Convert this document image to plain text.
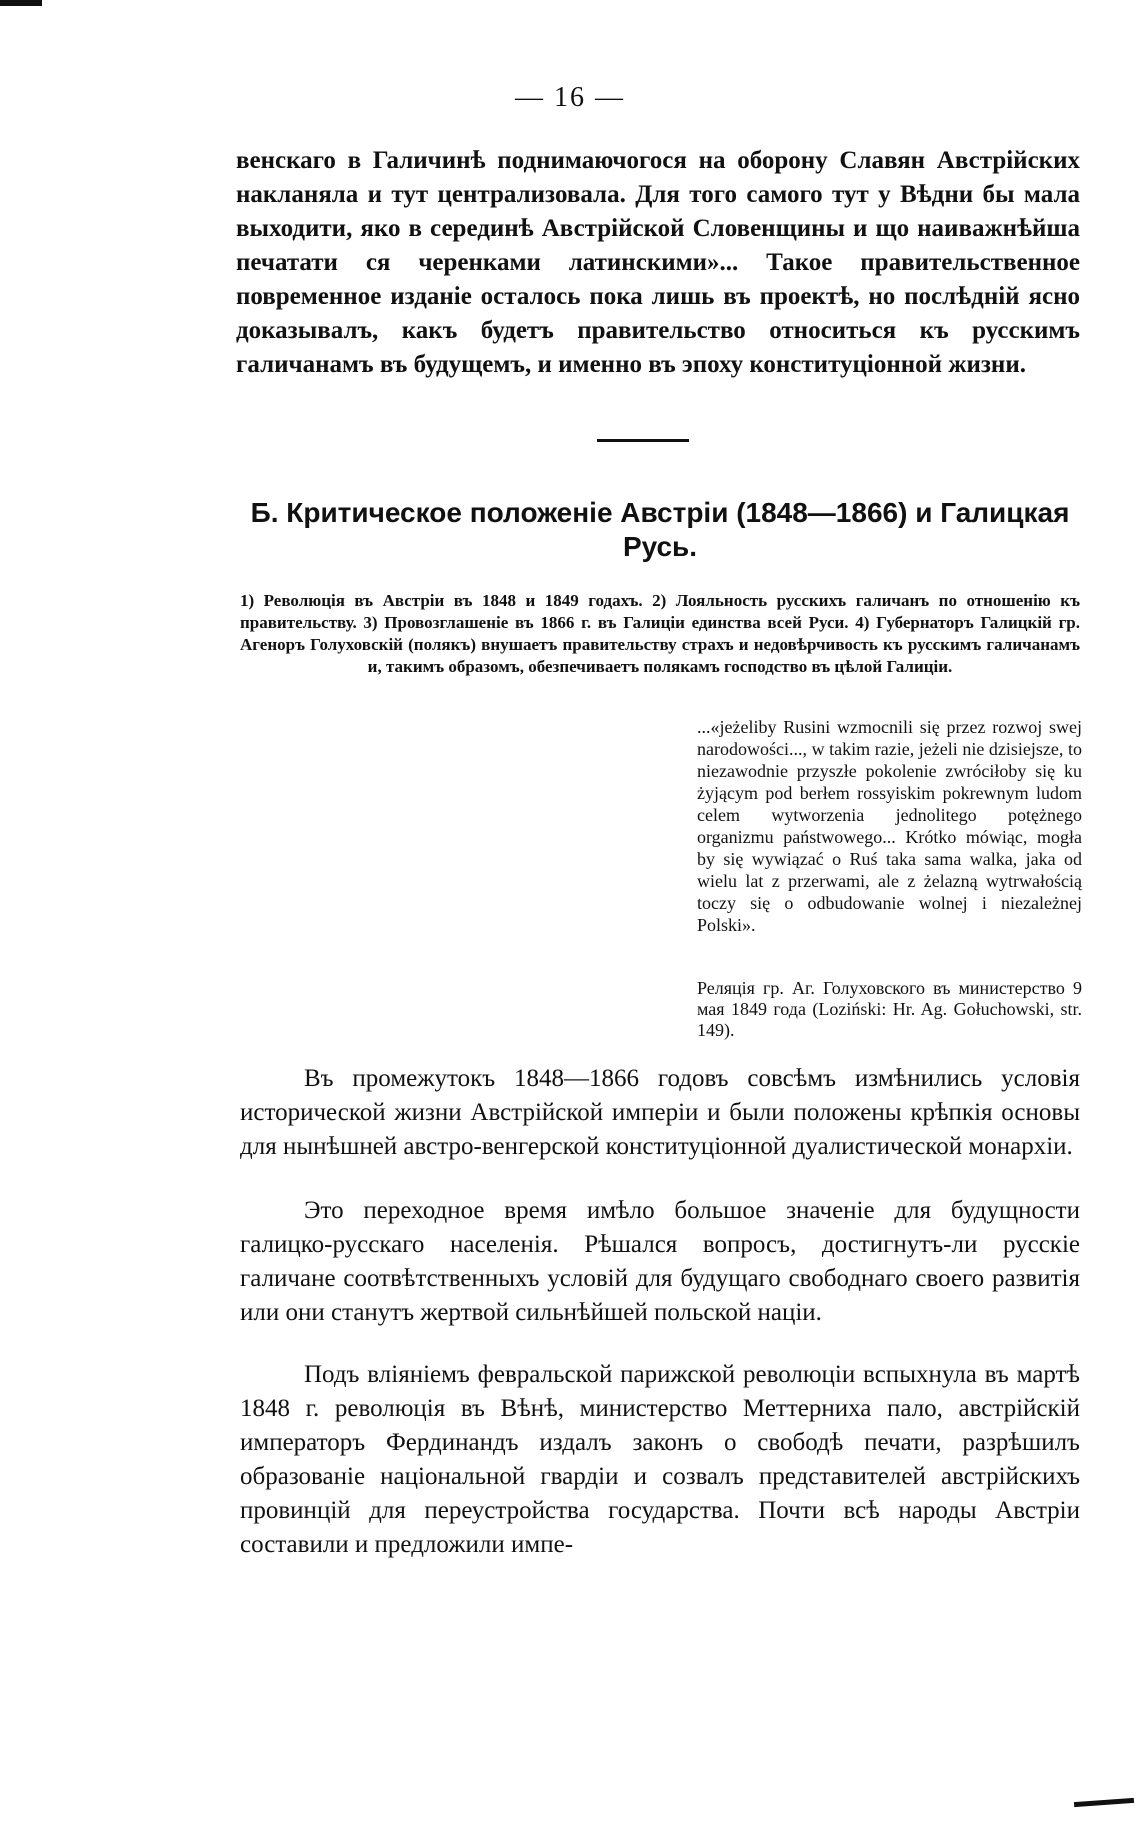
— 16 —

венскаго в Галичинѣ поднимаючогося на оборону Славян Австрійских накланяла и тут централизовала. Для того самого тут у Вѣдни бы мала выходити, яко в серединѣ Австрійской Словенщины и що наиважнѣйша печатати ся черенками латинскими»... Такое правительственное повременное изданіе осталось пока лишь въ проектѣ, но послѣдній ясно доказывалъ, какъ будетъ правительство относиться къ русскимъ галичанамъ въ будущемъ, и именно въ эпоху конституціонной жизни.

Б. Критическое положеніе Австріи (1848—1866) и Галицкая Русь.

1) Революція въ Австріи въ 1848 и 1849 годахъ. 2) Лояльность русскихъ галичанъ по отношенію къ правительству. 3) Провозглашеніе въ 1866 г. въ Галиціи единства всей Руси. 4) Губернаторъ Галицкій гр. Агеноръ Голуховскій (полякъ) внушаетъ правительству страхъ и недовѣрчивость къ русскимъ галичанамъ и, такимъ образомъ, обезпечиваетъ полякамъ господство въ цѣлой Галиціи.

...«jeżeliby Rusini wzmocnili się przez rozwoj swej narodowości..., w takim razie, jeżeli nie dzisiejsze, to niezawodnie przyszłe pokolenie zwróciłoby się ku żyjącym pod berłem rossyiskim pokrewnym ludom celem wytworzenia jednolitego potężnego organizmu państwowego... Krótko mówiąc, mogła by się wywiązać o Ruś taka sama walka, jaka od wielu lat z przerwami, ale z żelazną wytrwałością toczy się o odbudowanie wolnej i niezależnej Polski».

Реляція гр. Аг. Голуховского въ министерство 9 мая 1849 года (Loziński: Hr. Ag. Gołuchowski, str. 149).

Въ промежутокъ 1848—1866 годовъ совсѣмъ измѣнились условія исторической жизни Австрійской имперіи и были положены крѣпкія основы для нынѣшней австро-венгерской конституціонной дуалистической монархіи.

Это переходное время имѣло большое значеніе для будущности галицко-русскаго населенія. Рѣшался вопросъ, достигнутъ-ли русскіе галичане соотвѣтственныхъ условій для будущаго свободнаго своего развитія или они станутъ жертвой сильнѣйшей польской націи.

Подъ вліяніемъ февральской парижской революціи вспыхнула въ мартѣ 1848 г. революція въ Вѣнѣ, министерство Меттерниха пало, австрійскій императоръ Фердинандъ издалъ законъ о свободѣ печати, разрѣшилъ образованіе національной гвардіи и созвалъ представителей австрійскихъ провинцій для переустройства государства. Почти всѣ народы Австріи составили и предложили импе-
